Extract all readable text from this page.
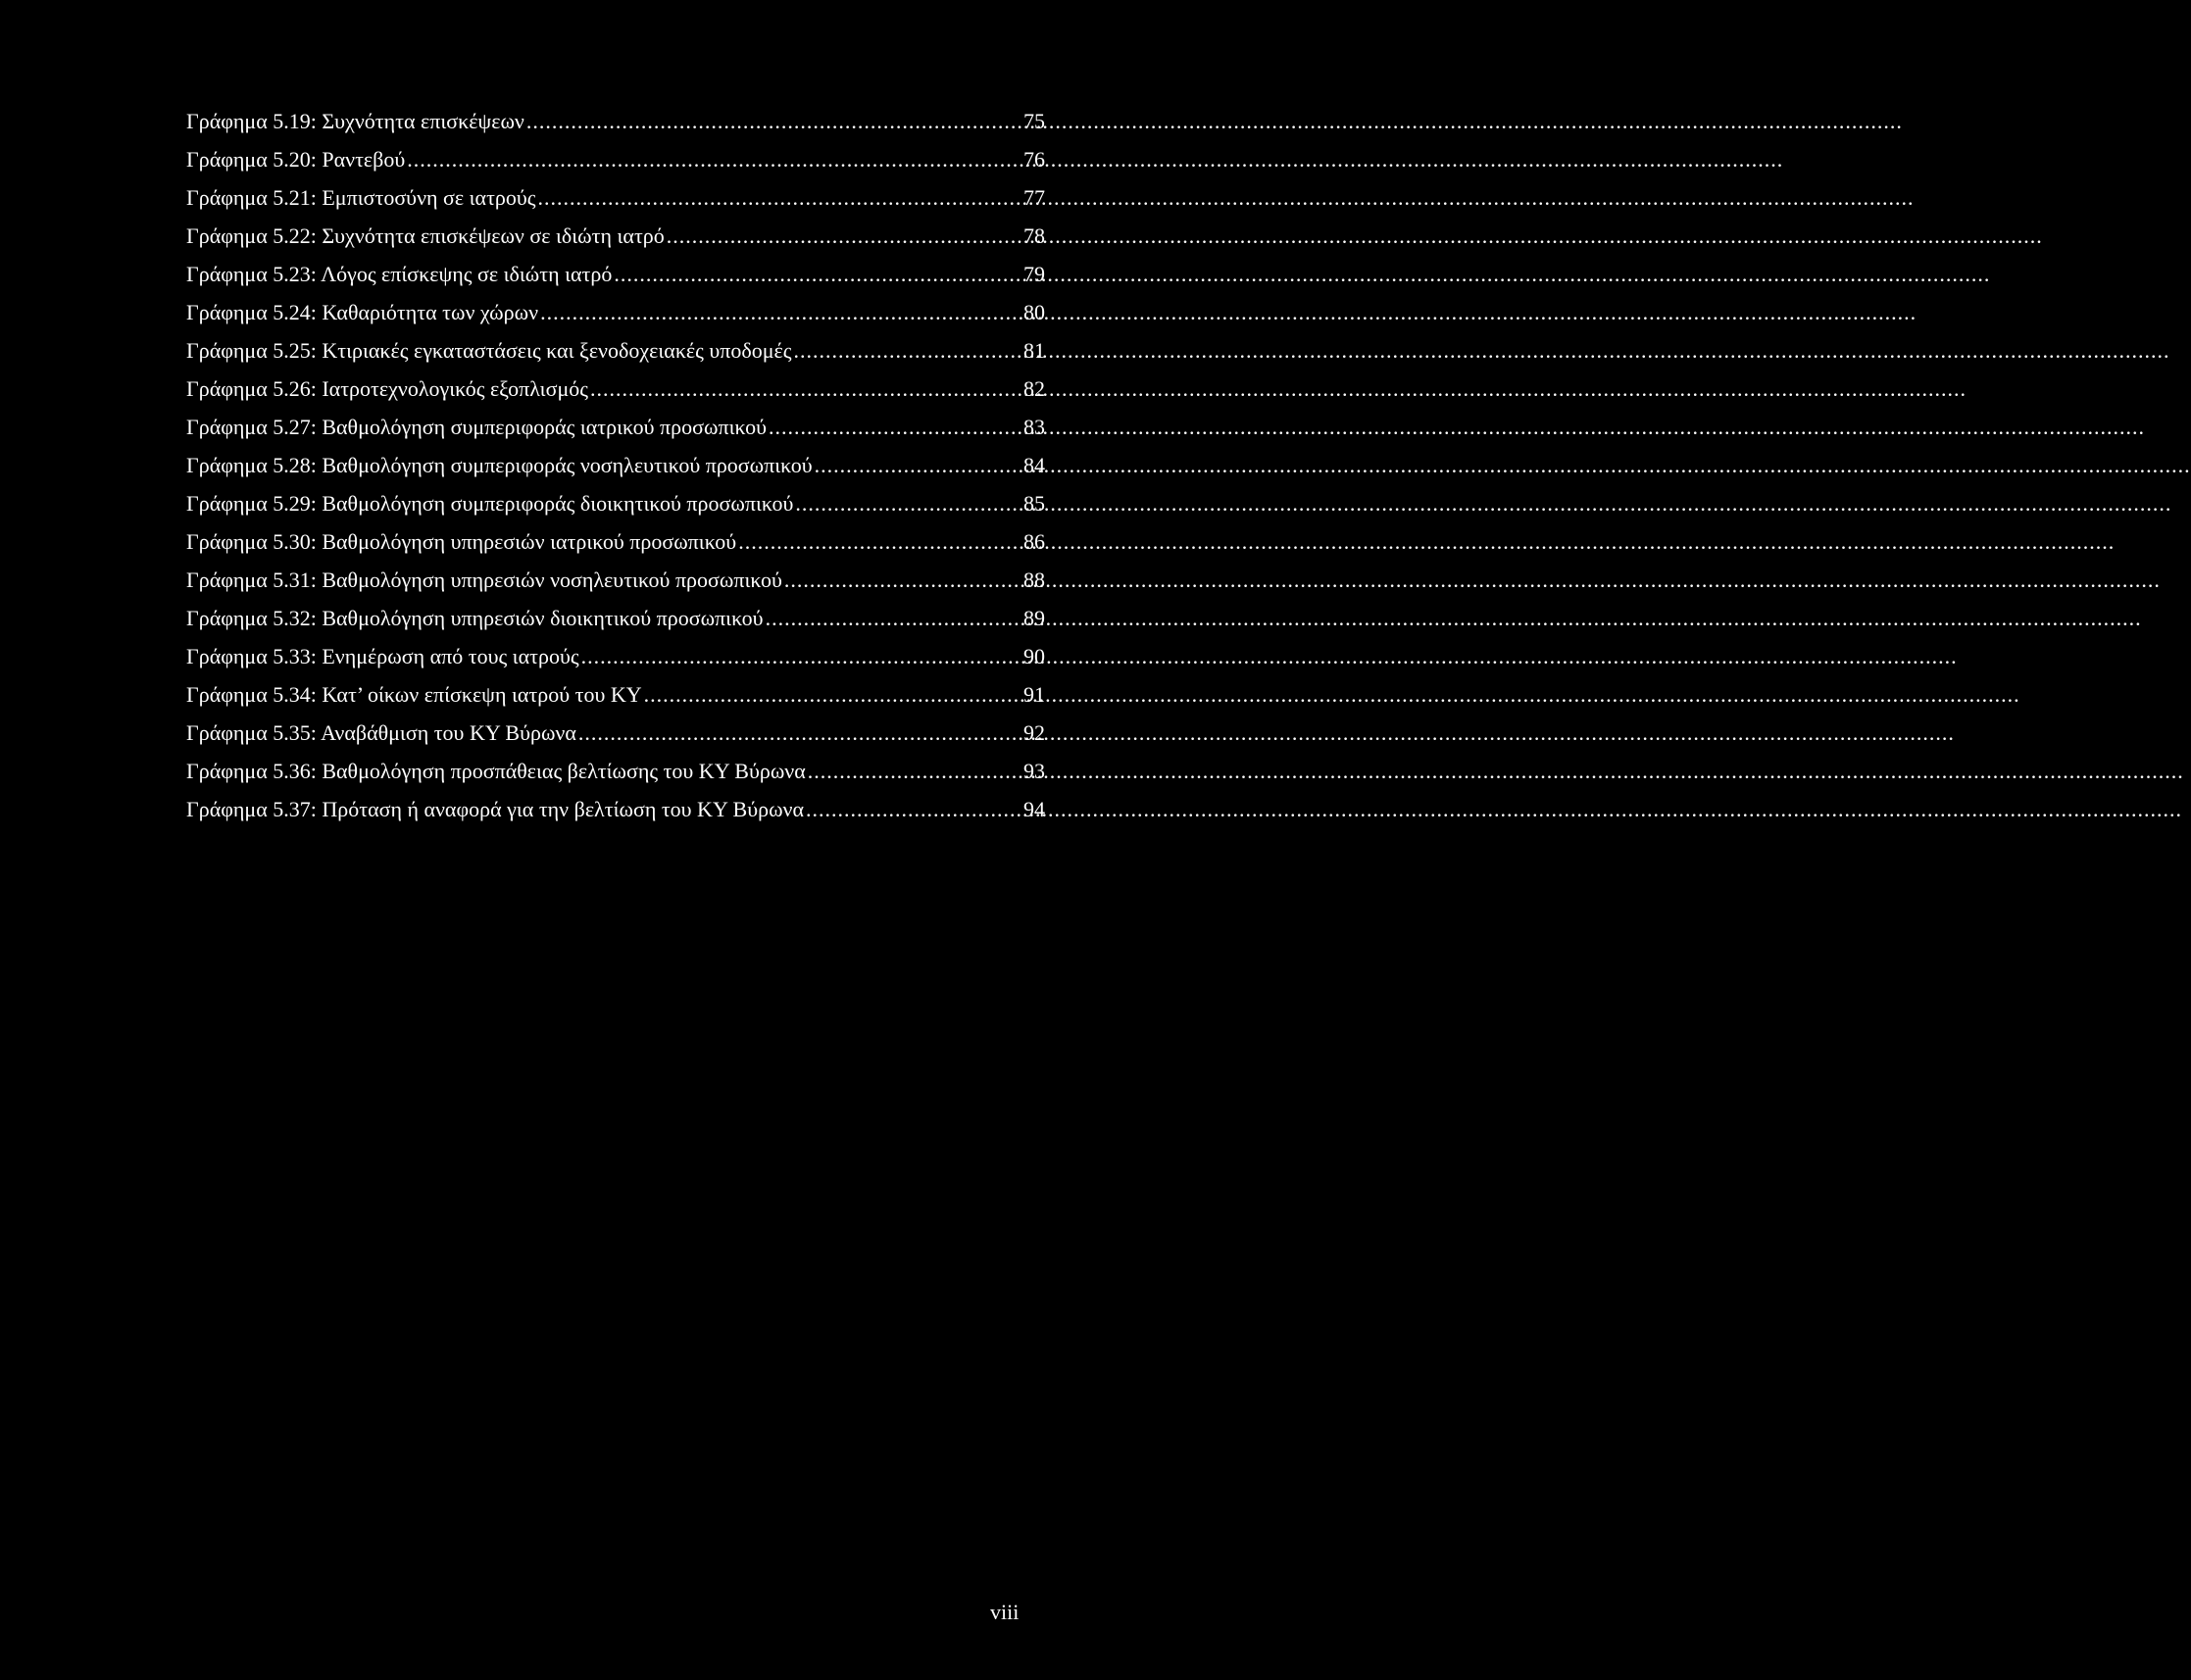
Γράφημα 5.19: Συχνότητα επισκέψεων .....	75
Γράφημα 5.20: Ραντεβού .....	76
Γράφημα 5.21: Εμπιστοσύνη σε ιατρούς .....	77
Γράφημα 5.22: Συχνότητα επισκέψεων σε ιδιώτη ιατρό .....	78
Γράφημα 5.23: Λόγος επίσκεψης σε ιδιώτη ιατρό .....	79
Γράφημα 5.24: Καθαριότητα των χώρων .....	80
Γράφημα 5.25: Κτιριακές εγκαταστάσεις και ξενοδοχειακές υποδομές .....	81
Γράφημα 5.26: Ιατροτεχνολογικός εξοπλισμός .....	82
Γράφημα 5.27: Βαθμολόγηση συμπεριφοράς ιατρικού προσωπικού .....	83
Γράφημα 5.28: Βαθμολόγηση συμπεριφοράς νοσηλευτικού προσωπικού .....	84
Γράφημα 5.29: Βαθμολόγηση συμπεριφοράς διοικητικού προσωπικού .....	85
Γράφημα 5.30: Βαθμολόγηση υπηρεσιών ιατρικού προσωπικού .....	86
Γράφημα 5.31: Βαθμολόγηση υπηρεσιών νοσηλευτικού προσωπικού .....	88
Γράφημα 5.32: Βαθμολόγηση υπηρεσιών διοικητικού προσωπικού .....	89
Γράφημα 5.33: Ενημέρωση από τους ιατρούς .....	90
Γράφημα 5.34: Κατ’ οίκων επίσκεψη ιατρού του ΚΥ .....	91
Γράφημα 5.35: Αναβάθμιση του ΚΥ Βύρωνα .....	92
Γράφημα 5.36: Βαθμολόγηση προσπάθειας βελτίωσης του ΚΥ Βύρωνα .....	93
Γράφημα 5.37: Πρόταση ή αναφορά για την βελτίωση του ΚΥ Βύρωνα .....	94
viii
